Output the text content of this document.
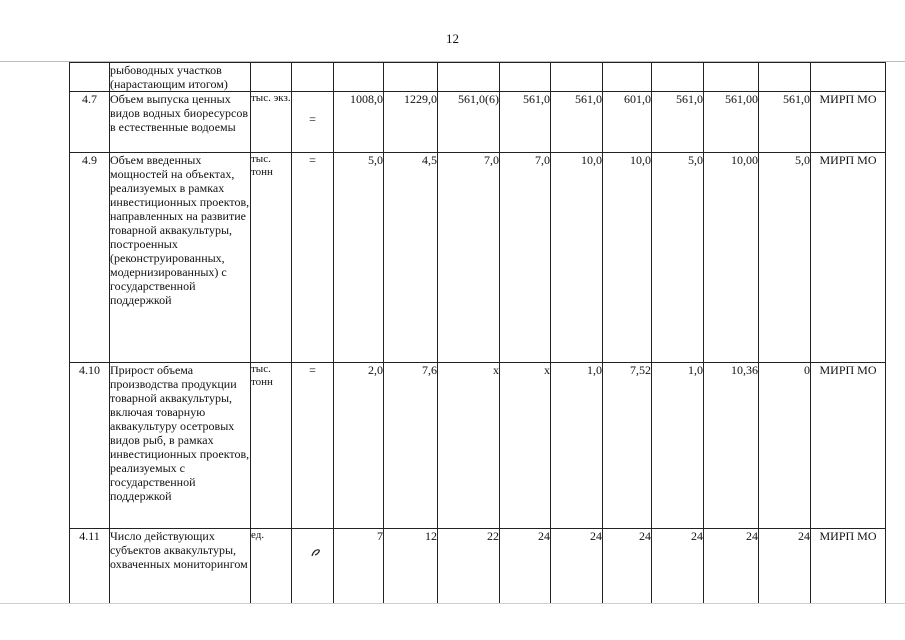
12
	рыбоводных участков (нарастающим итогом)												
4.7	Объем выпуска ценных видов водных биоресурсов в естественные водоемы	тыс. экз.	=	1008,0	1229,0	561,0(6)	561,0	561,0	601,0	561,0	561,00	561,0	МИРП МО
4.9	Объем введенных мощностей на объектах, реализуемых в рамках инвестиционных проектов, направленных на развитие товарной аквакультуры, построенных (реконструированных, модернизированных) с государственной поддержкой	тыс. тонн	=	5,0	4,5	7,0	7,0	10,0	10,0	5,0	10,00	5,0	МИРП МО
4.10	Прирост объема производства продукции товарной аквакультуры, включая товарную аквакультуру осетровых видов рыб, в рамках инвестиционных проектов, реализуемых с государственной поддержкой	тыс. тонн	=	2,0	7,6	x	x	1,0	7,52	1,0	10,36	0	МИРП МО
4.11	Число действующих субъектов аквакультуры, охваченных мониторингом	ед.		7	12	22	24	24	24	24	24	24	МИРП МО
